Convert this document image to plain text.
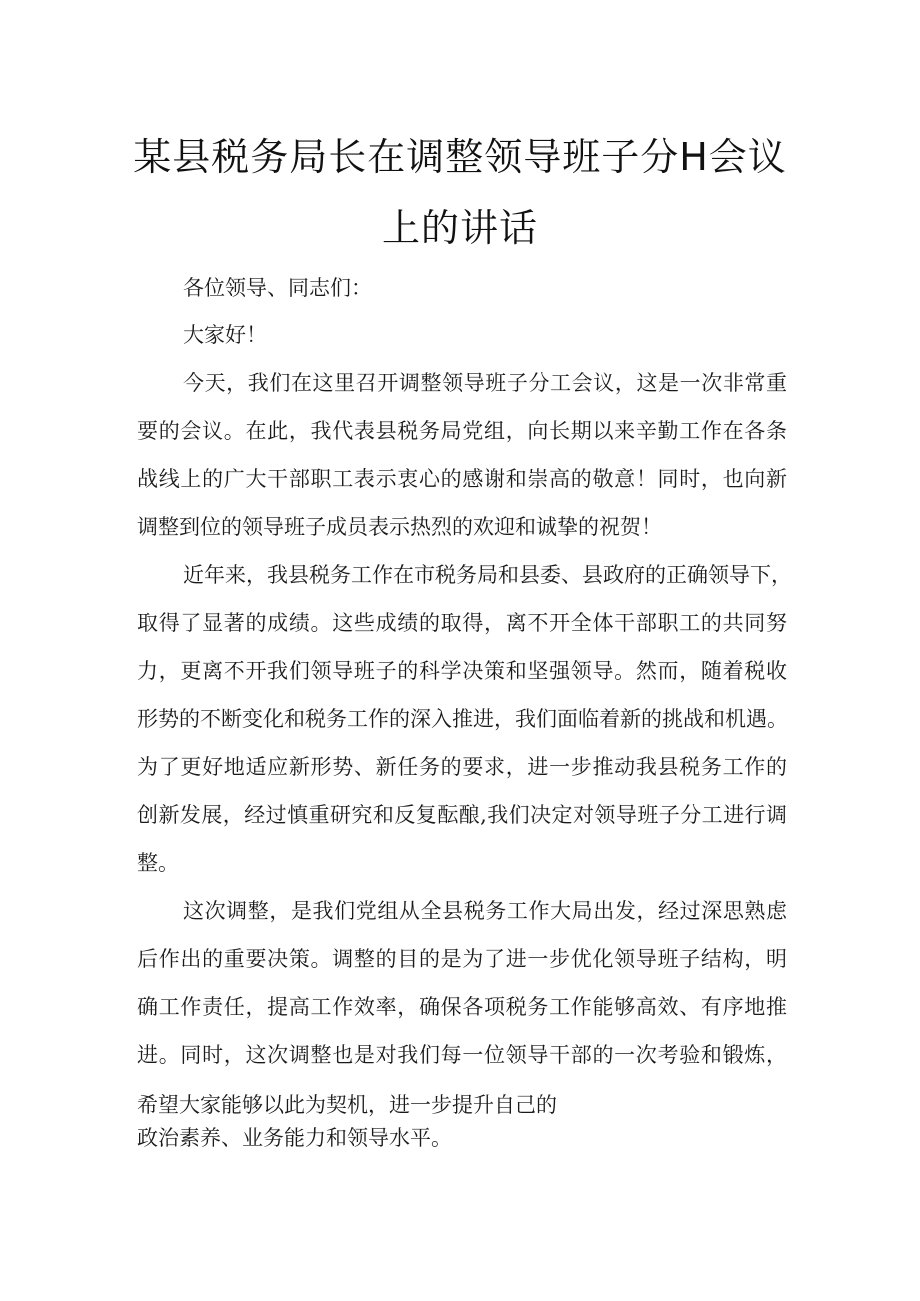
某县税务局长在调整领导班子分H会议
上的讲话

各位领导、同志们：

大家好！

今天，我们在这里召开调整领导班子分工会议，这是一次非常重

要的会议。在此，我代表县税务局党组，向长期以来辛勤工作在各条

战线上的广大干部职工表示衷心的感谢和崇高的敬意！同时，也向新

调整到位的领导班子成员表示热烈的欢迎和诚挚的祝贺！

近年来，我县税务工作在市税务局和县委、县政府的正确领导下，

取得了显著的成绩。这些成绩的取得，离不开全体干部职工的共同努

力，更离不开我们领导班子的科学决策和坚强领导。然而，随着税收

形势的不断变化和税务工作的深入推进，我们面临着新的挑战和机遇。

为了更好地适应新形势、新任务的要求，进一步推动我县税务工作的

创新发展，经过慎重研究和反复酝酿,我们决定对领导班子分工进行调

整。

这次调整，是我们党组从全县税务工作大局出发，经过深思熟虑

后作出的重要决策。调整的目的是为了进一步优化领导班子结构，明

确工作责任，提高工作效率，确保各项税务工作能够高效、有序地推

进。同时，这次调整也是对我们每一位领导干部的一次考验和锻炼，

希望大家能够以此为契机，进一步提升自己的

政治素养、业务能力和领导水平。
